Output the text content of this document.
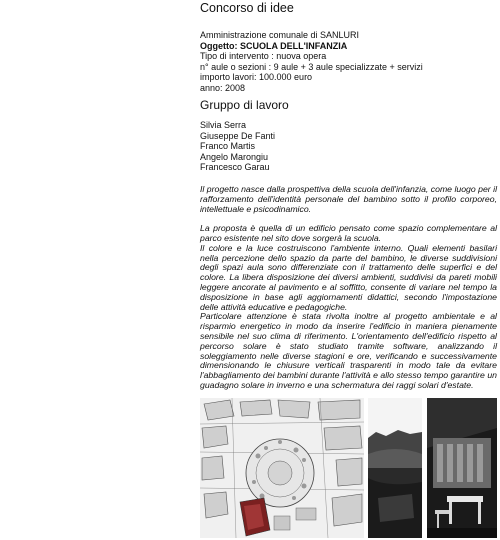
Concorso di idee
Amministrazione comunale di SANLURI
Oggetto: SCUOLA DELL'INFANZIA
Tipo di intervento : nuova opera
n° aule o sezioni : 9 aule + 3 aule specializzate + servizi
importo lavori: 100.000 euro
anno: 2008
Gruppo di lavoro
Silvia Serra
Giuseppe De Fanti
Franco Martis
Angelo Marongiu
Francesco Garau

Il progetto nasce dalla prospettiva della scuola dell'infanzia, come luogo per il rafforzamento dell'identità personale del bambino sotto il profilo corporeo, intellettuale e psicodinamico.

La proposta è quella di un edificio pensato come spazio complementare al parco esistente nel sito dove sorgerà la scuola.

Il colore e la luce costruiscono l'ambiente interno. Quali elementi basilari nella percezione dello spazio da parte del bambino, le diverse suddivisioni degli spazi aula sono differenziate con il trattamento delle superfici e del colore. La libera disposizione dei diversi ambienti, suddivisi da pareti mobili leggere ancorate al pavimento e al soffitto, consente di variare nel tempo la disposizione in base agli aggiornamenti didattici, secondo l'impostazione delle attività educative e pedagogiche.

Particolare attenzione è stata rivolta inoltre al progetto ambientale e al risparmio energetico in modo da inserire l'edificio in maniera pienamente sensibile nel suo clima di riferimento. L'orientamento dell'edificio rispetto al percorso solare è stato studiato tramite software, analizzando il soleggiamento nelle diverse stagioni e ore, verificando e successivamente dimensionando le chiusure verticali trasparenti in modo tale da evitare l'abbagliamento dei bambini durante l'attività e allo stesso tempo garantire un guadagno solare in inverno e una schermatura dei raggi solari d'estate.
